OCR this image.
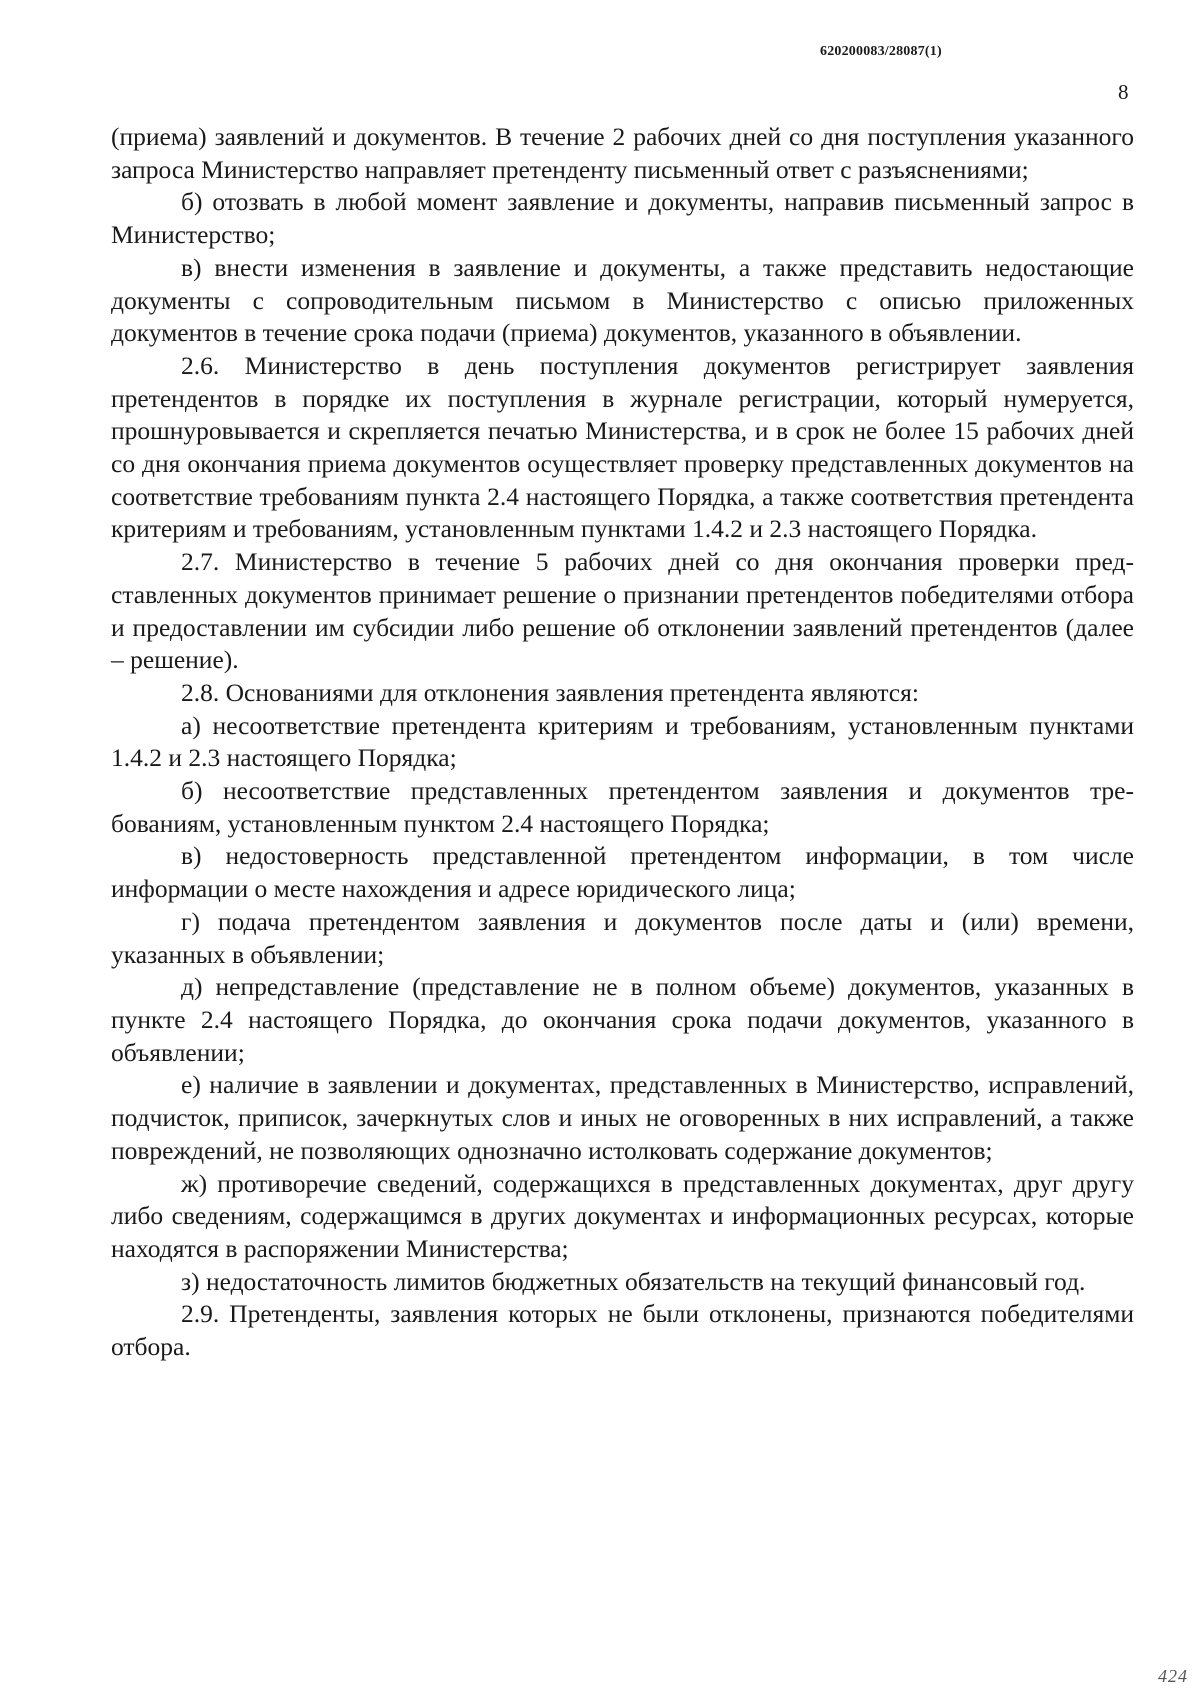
620200083/28087(1)
8

(приема) заявлений и документов. В течение 2 рабочих дней со дня поступления указанного запроса Министерство направляет претенденту письменный ответ с разъяснениями;

б) отозвать в любой момент заявление и документы, направив письменный запрос в Министерство;

в) внести изменения в заявление и документы, а также представить недостающие документы с сопроводительным письмом в Министерство с описью приложенных документов в течение срока подачи (приема) документов, указанного в объявлении.

2.6. Министерство в день поступления документов регистрирует заявления претендентов в порядке их поступления в журнале регистрации, который нумеруется, прошнуровывается и скрепляется печатью Министерства, и в срок не более 15 рабочих дней со дня окончания приема документов осуществляет проверку представленных документов на соответствие требованиям пункта 2.4 настоящего Порядка, а также соответствия претендента критериям и требованиям, установленным пунктами 1.4.2 и 2.3 настоящего Порядка.

2.7. Министерство в течение 5 рабочих дней со дня окончания проверки представленных документов принимает решение о признании претендентов победителями отбора и предоставлении им субсидии либо решение об отклонении заявлений претендентов (далее – решение).

2.8. Основаниями для отклонения заявления претендента являются:

а) несоответствие претендента критериям и требованиям, установленным пунктами 1.4.2 и 2.3 настоящего Порядка;

б) несоответствие представленных претендентом заявления и документов требованиям, установленным пунктом 2.4 настоящего Порядка;

в) недостоверность представленной претендентом информации, в том числе информации о месте нахождения и адресе юридического лица;

г) подача претендентом заявления и документов после даты и (или) времени, указанных в объявлении;

д) непредставление (представление не в полном объеме) документов, указанных в пункте 2.4 настоящего Порядка, до окончания срока подачи документов, указанного в объявлении;

е) наличие в заявлении и документах, представленных в Министерство, исправлений, подчисток, приписок, зачеркнутых слов и иных не оговоренных в них исправлений, а также повреждений, не позволяющих однозначно истолковать содержание документов;

ж) противоречие сведений, содержащихся в представленных документах, друг другу либо сведениям, содержащимся в других документах и информационных ресурсах, которые находятся в распоряжении Министерства;

з) недостаточность лимитов бюджетных обязательств на текущий финансовый год.

2.9. Претенденты, заявления которых не были отклонены, признаются победителями отбора.

424
